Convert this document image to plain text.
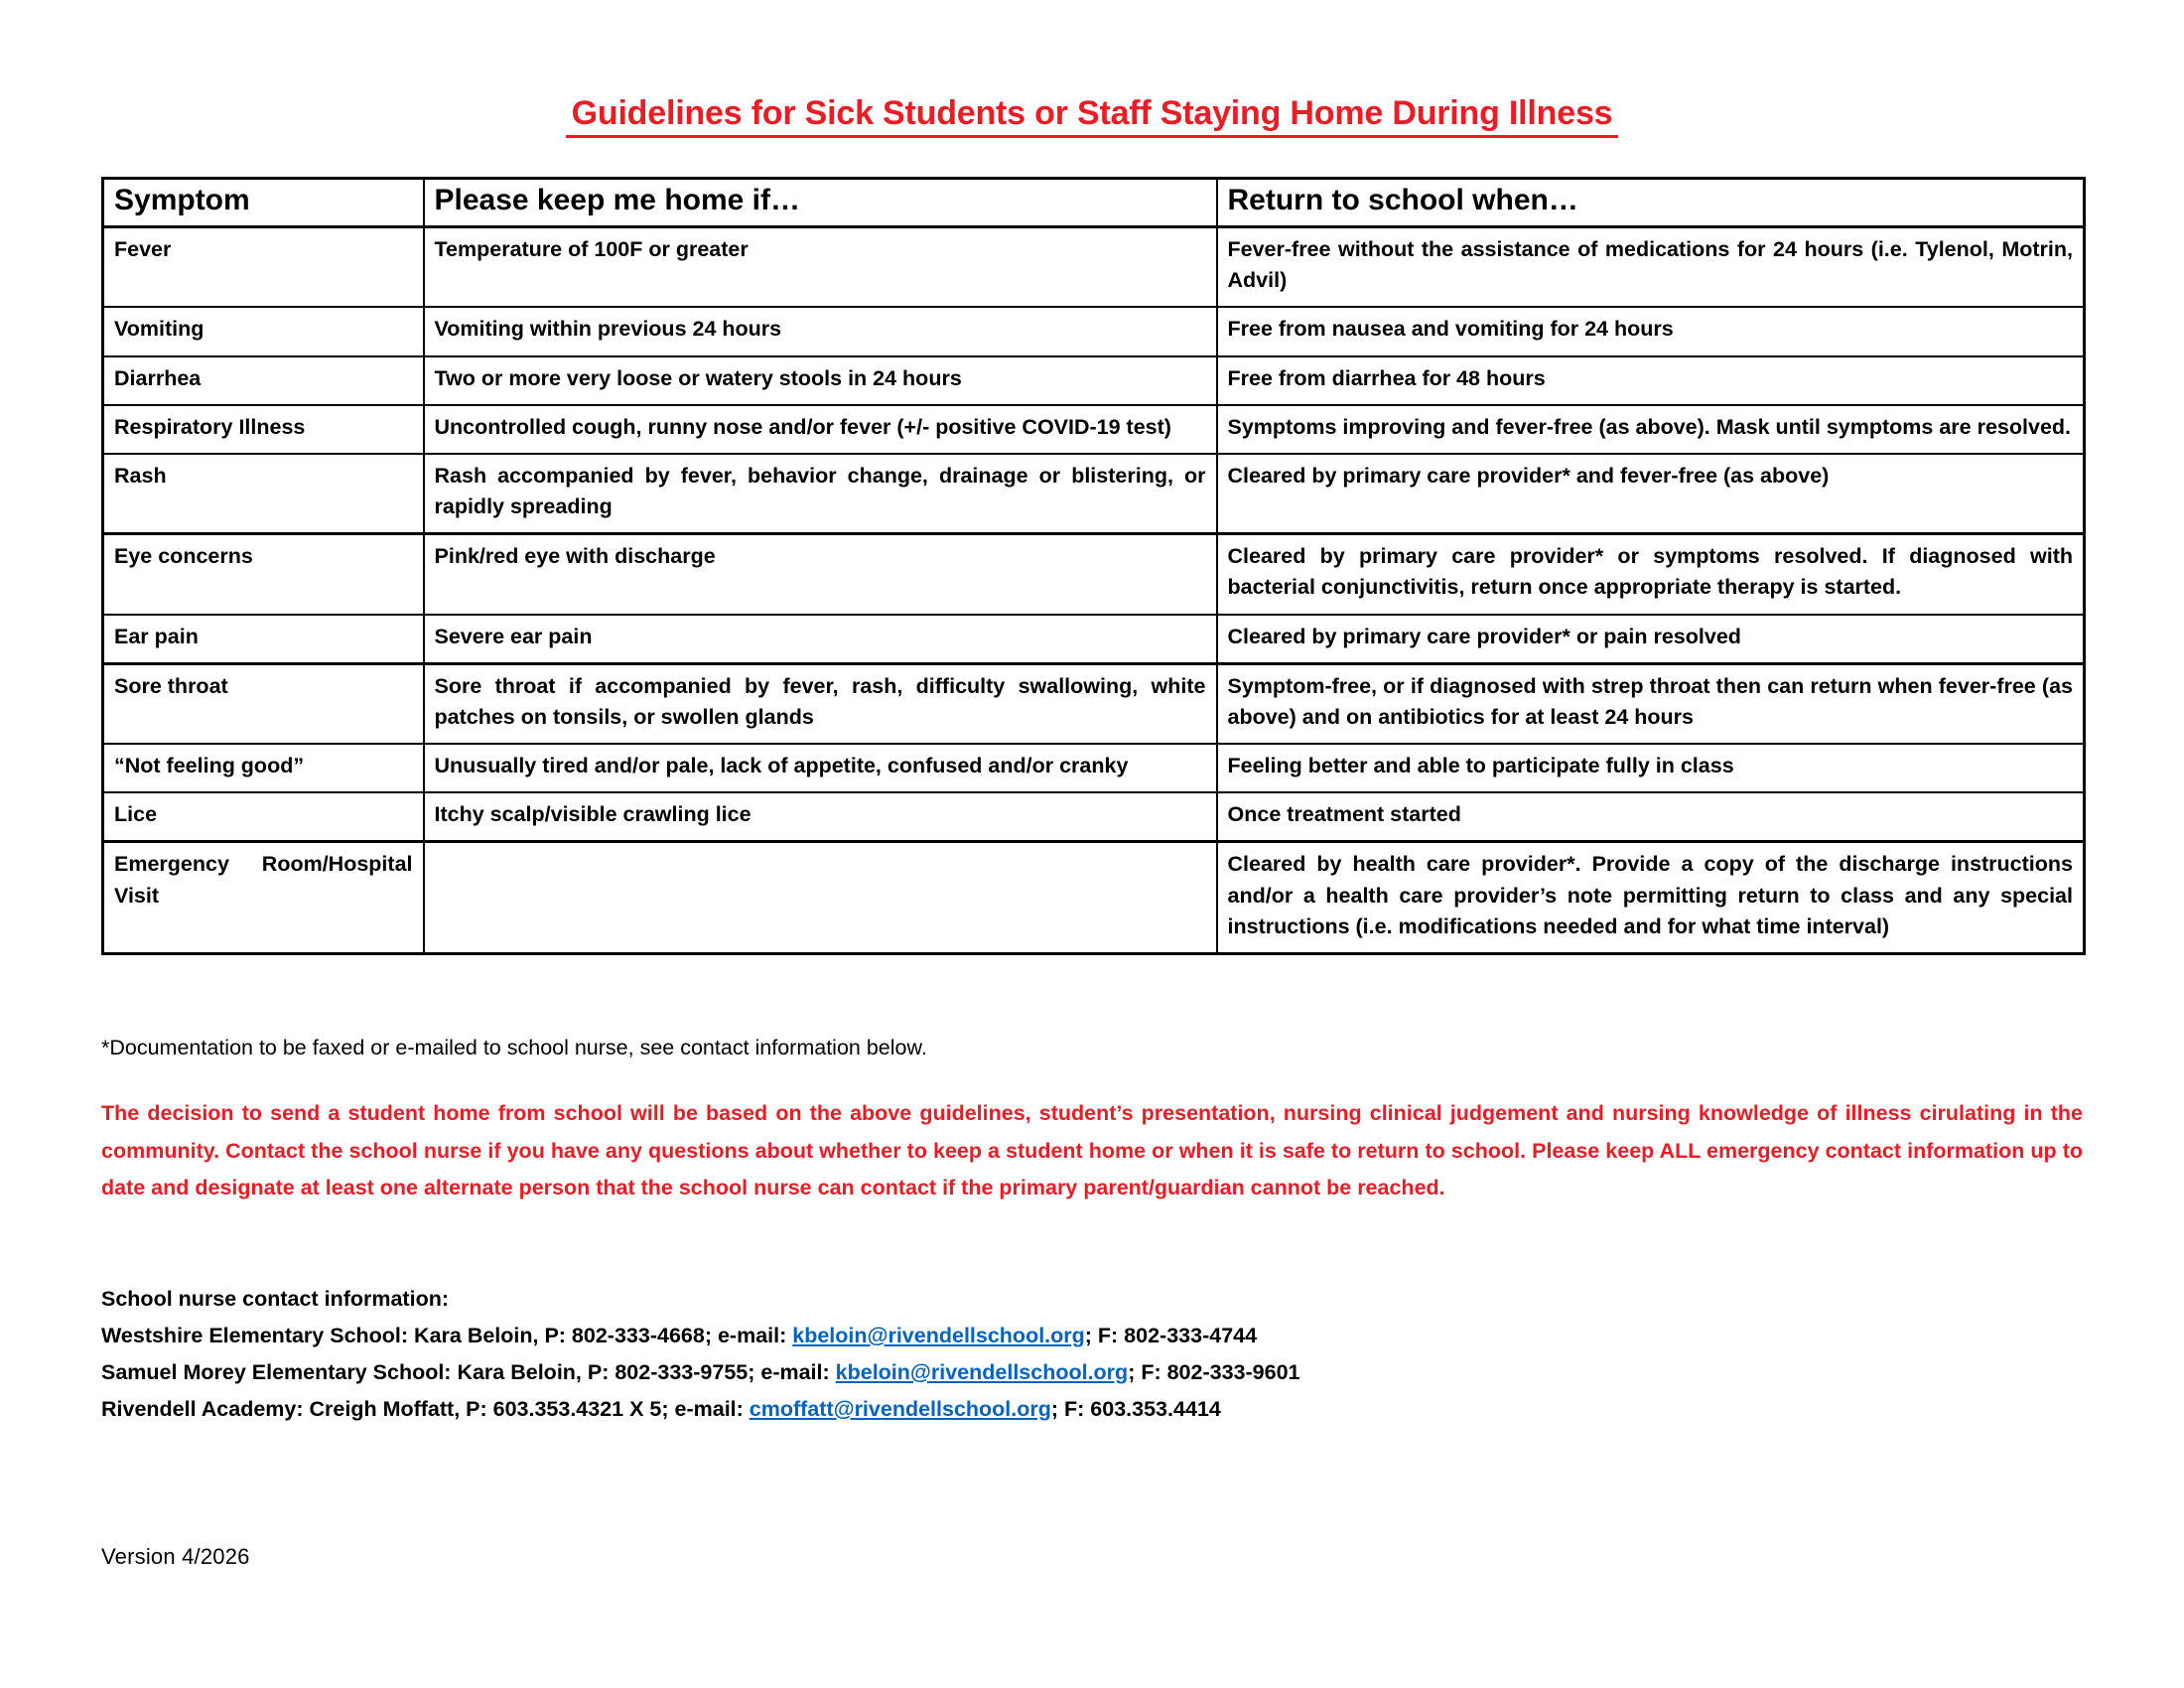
Guidelines for Sick Students or Staff Staying Home During Illness
Symptom	Please keep me home if…	Return to school when…
Fever	Temperature of 100F or greater	Fever-free without the assistance of medications for 24 hours (i.e. Tylenol, Motrin, Advil)
Vomiting	Vomiting within previous 24 hours	Free from nausea and vomiting for 24 hours
Diarrhea	Two or more very loose or watery stools in 24 hours	Free from diarrhea for 48 hours
Respiratory Illness	Uncontrolled cough, runny nose and/or fever (+/- positive COVID-19 test)	Symptoms improving and fever-free (as above). Mask until symptoms are resolved.
Rash	Rash accompanied by fever, behavior change, drainage or blistering, or rapidly spreading	Cleared by primary care provider* and fever-free (as above)
Eye concerns	Pink/red eye with discharge	Cleared by primary care provider* or symptoms resolved. If diagnosed with bacterial conjunctivitis, return once appropriate therapy is started.
Ear pain	Severe ear pain	Cleared by primary care provider* or pain resolved
Sore throat	Sore throat if accompanied by fever, rash, difficulty swallowing, white patches on tonsils, or swollen glands	Symptom-free, or if diagnosed with strep throat then can return when fever-free (as above) and on antibiotics for at least 24 hours
“Not feeling good”	Unusually tired and/or pale, lack of appetite, confused and/or cranky	Feeling better and able to participate fully in class
Lice	Itchy scalp/visible crawling lice	Once treatment started
Emergency Room/Hospital Visit		Cleared by health care provider*. Provide a copy of the discharge instructions and/or a health care provider’s note permitting return to class and any special instructions (i.e. modifications needed and for what time interval)
*Documentation to be faxed or e-mailed to school nurse, see contact information below.
The decision to send a student home from school will be based on the above guidelines, student’s presentation, nursing clinical judgement and nursing knowledge of illness cirulating in the community. Contact the school nurse if you have any questions about whether to keep a student home or when it is safe to return to school. Please keep ALL emergency contact information up to date and designate at least one alternate person that the school nurse can contact if the primary parent/guardian cannot be reached.
School nurse contact information:
Westshire Elementary School: Kara Beloin, P: 802-333-4668; e-mail: kbeloin@rivendellschool.org; F: 802-333-4744
Samuel Morey Elementary School: Kara Beloin, P: 802-333-9755; e-mail: kbeloin@rivendellschool.org; F: 802-333-9601
Rivendell Academy: Creigh Moffatt, P: 603.353.4321 X 5; e-mail: cmoffatt@rivendellschool.org; F: 603.353.4414
Version 4/2026
